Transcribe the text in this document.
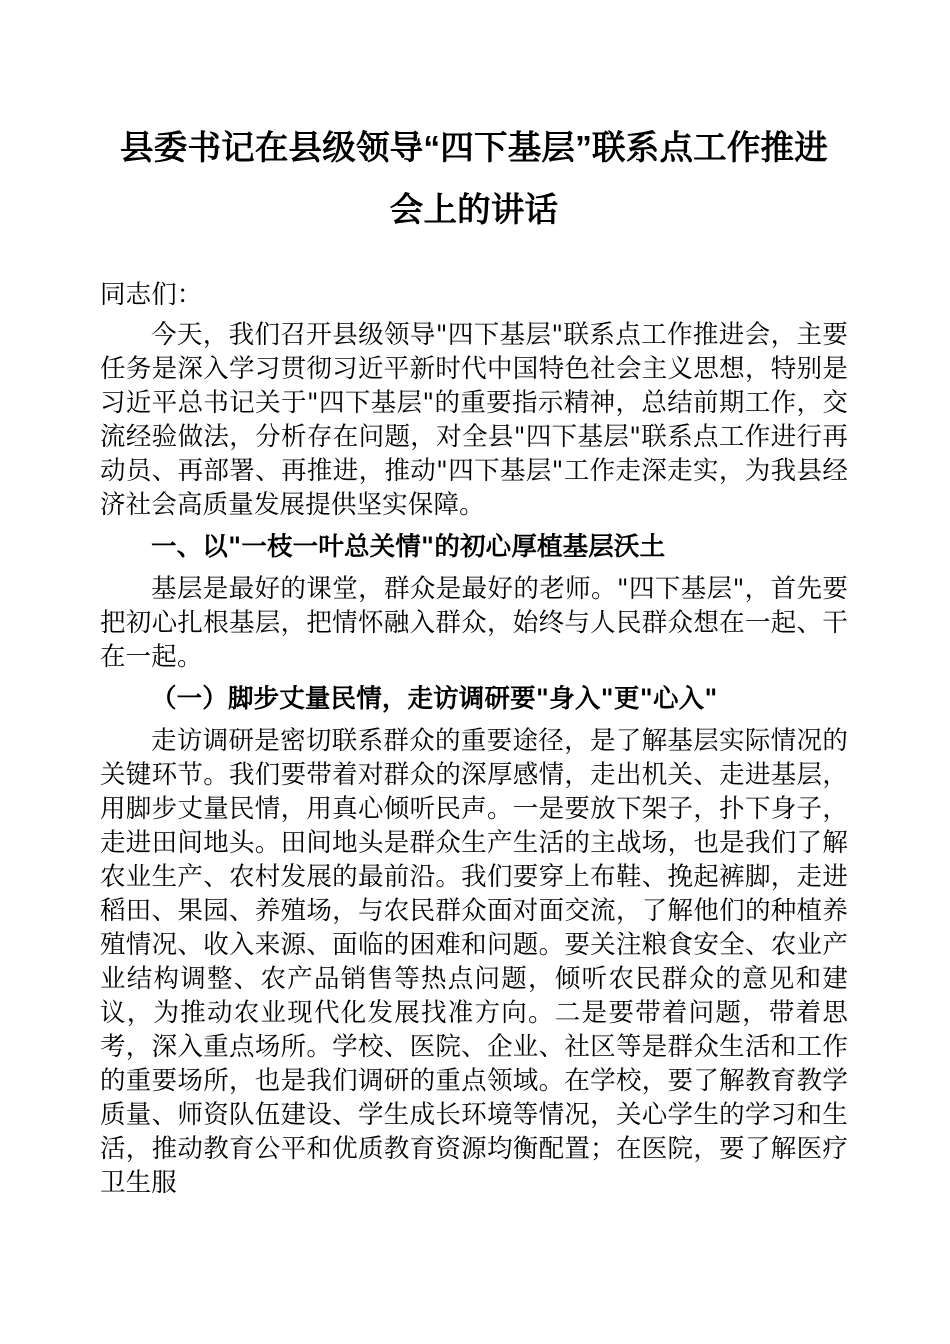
县委书记在县级领导“四下基层”联系点工作推进会上的讲话
同志们：

今天，我们召开县级领导"四下基层"联系点工作推进会，主要任务是深入学习贯彻习近平新时代中国特色社会主义思想，特别是习近平总书记关于"四下基层"的重要指示精神，总结前期工作，交流经验做法，分析存在问题，对全县"四下基层"联系点工作进行再动员、再部署、再推进，推动"四下基层"工作走深走实，为我县经济社会高质量发展提供坚实保障。

一、以"一枝一叶总关情"的初心厚植基层沃土

基层是最好的课堂，群众是最好的老师。"四下基层"，首先要把初心扎根基层，把情怀融入群众，始终与人民群众想在一起、干在一起。

（一）脚步丈量民情，走访调研要"身入"更"心入"

走访调研是密切联系群众的重要途径，是了解基层实际情况的关键环节。我们要带着对群众的深厚感情，走出机关、走进基层，用脚步丈量民情，用真心倾听民声。一是要放下架子，扑下身子，走进田间地头。田间地头是群众生产生活的主战场，也是我们了解农业生产、农村发展的最前沿。我们要穿上布鞋、挽起裤脚，走进稻田、果园、养殖场，与农民群众面对面交流，了解他们的种植养殖情况、收入来源、面临的困难和问题。要关注粮食安全、农业产业结构调整、农产品销售等热点问题，倾听农民群众的意见和建议，为推动农业现代化发展找准方向。二是要带着问题，带着思考，深入重点场所。学校、医院、企业、社区等是群众生活和工作的重要场所，也是我们调研的重点领域。在学校，要了解教育教学质量、师资队伍建设、学生成长环境等情况，关心学生的学习和生活，推动教育公平和优质教育资源均衡配置；在医院，要了解医疗卫生服
